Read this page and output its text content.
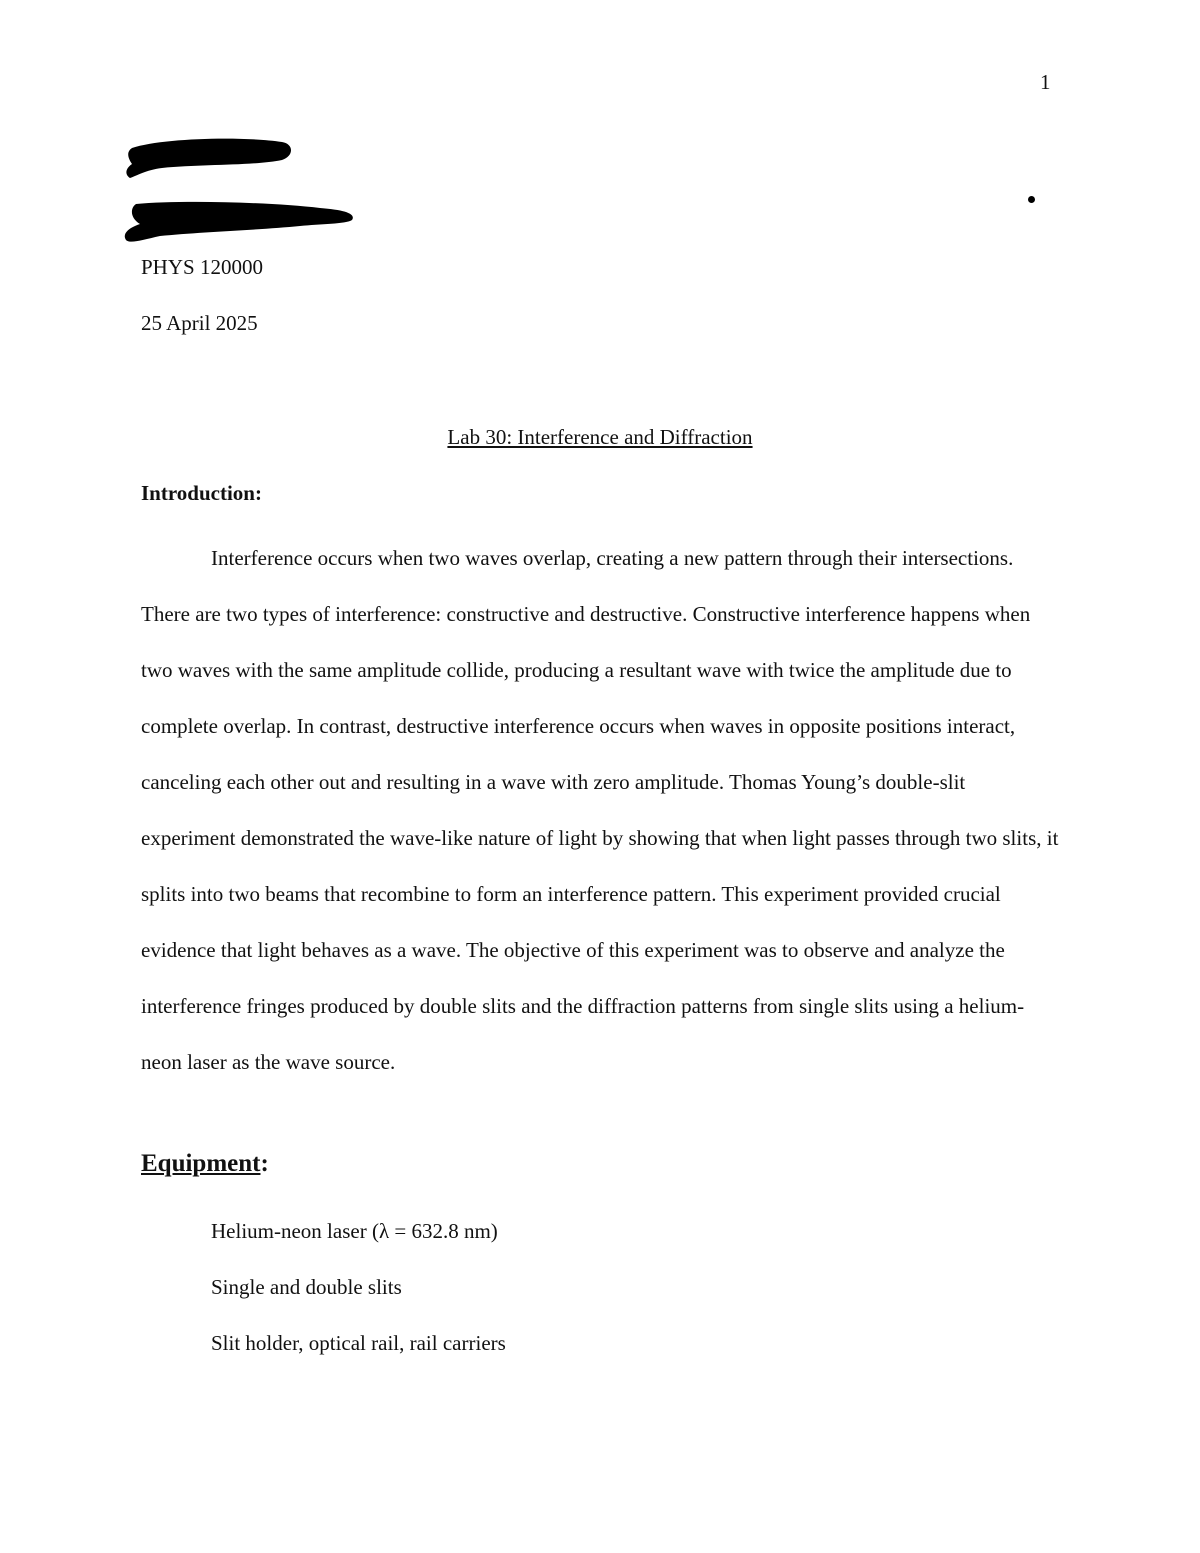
1
PHYS 120000
25 April 2025
Lab 30: Interference and Diffraction
Introduction:

Interference occurs when two waves overlap, creating a new pattern through their intersections. There are two types of interference: constructive and destructive. Constructive interference happens when two waves with the same amplitude collide, producing a resultant wave with twice the amplitude due to complete overlap. In contrast, destructive interference occurs when waves in opposite positions interact, canceling each other out and resulting in a wave with zero amplitude. Thomas Young’s double-slit experiment demonstrated the wave-like nature of light by showing that when light passes through two slits, it splits into two beams that recombine to form an interference pattern. This experiment provided crucial evidence that light behaves as a wave. The objective of this experiment was to observe and analyze the interference fringes produced by double slits and the diffraction patterns from single slits using a helium-neon laser as the wave source.

Equipment:
Helium-neon laser (λ = 632.8 nm)
Single and double slits
Slit holder, optical rail, rail carriers
